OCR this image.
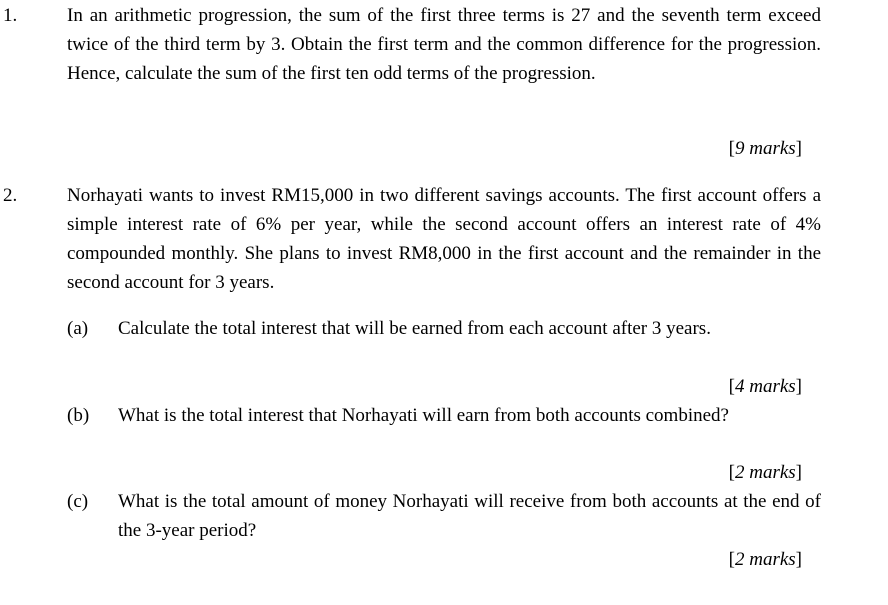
1.	In an arithmetic progression, the sum of the first three terms is 27 and the seventh term exceed twice of the third term by 3. Obtain the first term and the common difference for the progression. Hence, calculate the sum of the first ten odd terms of the progression.
[9 marks]
2.	Norhayati wants to invest RM15,000 in two different savings accounts. The first account offers a simple interest rate of 6% per year, while the second account offers an interest rate of 4% compounded monthly. She plans to invest RM8,000 in the first account and the remainder in the second account for 3 years.
(a)	Calculate the total interest that will be earned from each account after 3 years.
[4 marks]
(b)	What is the total interest that Norhayati will earn from both accounts combined?
[2 marks]
(c)	What is the total amount of money Norhayati will receive from both accounts at the end of the 3-year period?
[2 marks]
